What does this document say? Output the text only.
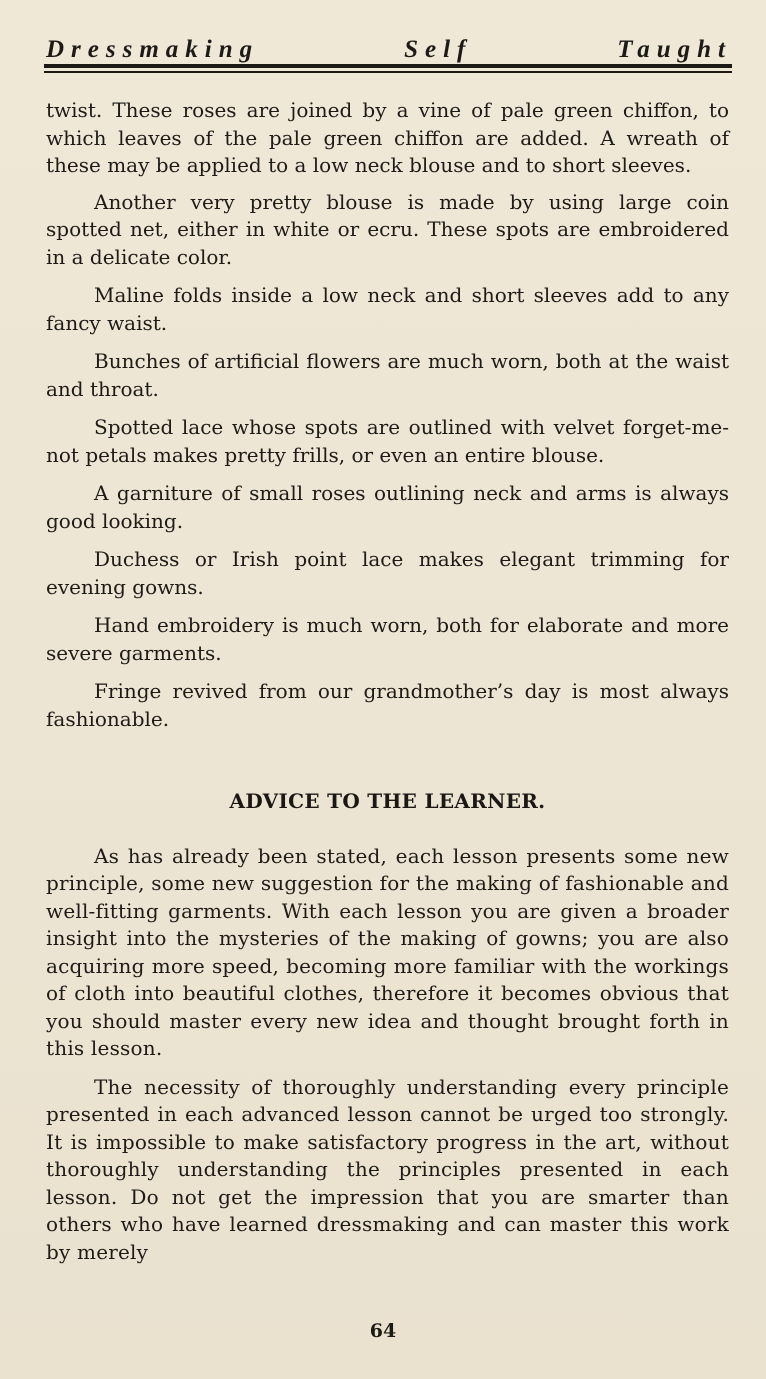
Dressmaking	Self	Taught

twist. These roses are joined by a vine of pale green chiffon, to which leaves of the pale green chiffon are added. A wreath of these may be applied to a low neck blouse and to short sleeves.

Another very pretty blouse is made by using large coin spotted net, either in white or ecru. These spots are embroidered in a delicate color.

Maline folds inside a low neck and short sleeves add to any fancy waist.

Bunches of artificial flowers are much worn, both at the waist and throat.

Spotted lace whose spots are outlined with velvet forget-me-not petals makes pretty frills, or even an entire blouse.

A garniture of small roses outlining neck and arms is always good looking.

Duchess or Irish point lace makes elegant trimming for evening gowns.

Hand embroidery is much worn, both for elaborate and more severe garments.

Fringe revived from our grandmother’s day is most always fashionable.

ADVICE TO THE LEARNER.

As has already been stated, each lesson presents some new principle, some new suggestion for the making of fashionable and well-fitting garments. With each lesson you are given a broader insight into the mysteries of the making of gowns; you are also acquiring more speed, becoming more familiar with the workings of cloth into beautiful clothes, therefore it becomes obvious that you should master every new idea and thought brought forth in this lesson.

The necessity of thoroughly understanding every principle presented in each advanced lesson cannot be urged too strongly. It is impossible to make satisfactory progress in the art, without thoroughly understanding the principles presented in each lesson. Do not get the impression that you are smarter than others who have learned dressmaking and can master this work by merely

64
